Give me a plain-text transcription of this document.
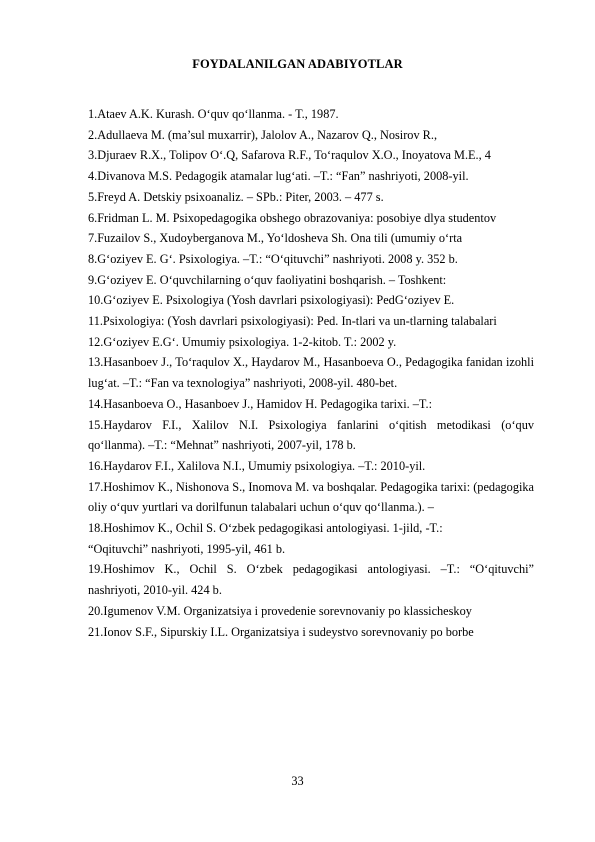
FOYDALANILGAN ADABIYOTLAR
1.Ataev A.K. Kurash. O‘quv qo‘llanma. - T., 1987.
2.Adullaeva M. (ma’sul muxarrir), Jalolov A., Nazarov Q., Nosirov R.,
3.Djuraev R.X., Tolipov O‘.Q, Safarova R.F., To‘raqulov X.O., Inoyatova M.E., 4
4.Divanova M.S. Pedagogik atamalar lug‘ati. –T.: “Fan” nashriyoti, 2008-yil.
5.Freyd A. Detskiy psixoanaliz. – SPb.: Piter, 2003. – 477 s.
6.Fridman L. M. Psixopedagogika obshego obrazovaniya: posobiye dlya studentov
7.Fuzailov S., Xudoyberganova M., Yo‘ldosheva Sh. Ona tili (umumiy o‘rta
8.G‘oziyev E. G‘. Psixologiya. –T.: “O‘qituvchi” nashriyoti. 2008 y. 352 b.
9.G‘oziyev E. O‘quvchilarning o‘quv faoliyatini boshqarish. – Toshkent:
10.G‘oziyev E. Psixologiya (Yosh davrlari psixologiyasi): PedG‘oziyev E.
11.Psixologiya: (Yosh davrlari psixologiyasi): Ped. In-tlari va un-tlarning talabalari
12.G‘oziyev E.G‘. Umumiy psixologiya. 1-2-kitob. T.: 2002 y.
13.Hasanboev J., To‘raqulov X., Haydarov M., Hasanboeva O., Pedagogika fanidan izohli lug‘at. –T.: “Fan va texnologiya” nashriyoti, 2008-yil. 480-bet.
14.Hasanboeva O., Hasanboev J., Hamidov H. Pedagogika tarixi. –T.:
15.Haydarov F.I., Xalilov N.I. Psixologiya fanlarini o‘qitish metodikasi (o‘quv qo‘llanma). –T.: “Mehnat” nashriyoti, 2007-yil, 178 b.
16.Haydarov F.I., Xalilova N.I., Umumiy psixologiya. –T.: 2010-yil.
17.Hoshimov K., Nishonova S., Inomova M. va boshqalar. Pedagogika tarixi: (pedagogika oliy o‘quv yurtlari va dorilfunun talabalari uchun o‘quv qo‘llanma.). –
18.Hoshimov K., Ochil S. O‘zbek pedagogikasi antologiyasi. 1-jild, -T.:
“Oqituvchi” nashriyoti, 1995-yil, 461 b.
19.Hoshimov K., Ochil S. O‘zbek pedagogikasi antologiyasi. –T.: “O‘qituvchi” nashriyoti, 2010-yil. 424 b.
20.Igumenov V.M. Organizatsiya i provedenie sorevnovaniy po klassicheskoy
21.Ionov S.F., Sipurskiy I.L. Organizatsiya i sudeystvo sorevnovaniy po borbe
33
